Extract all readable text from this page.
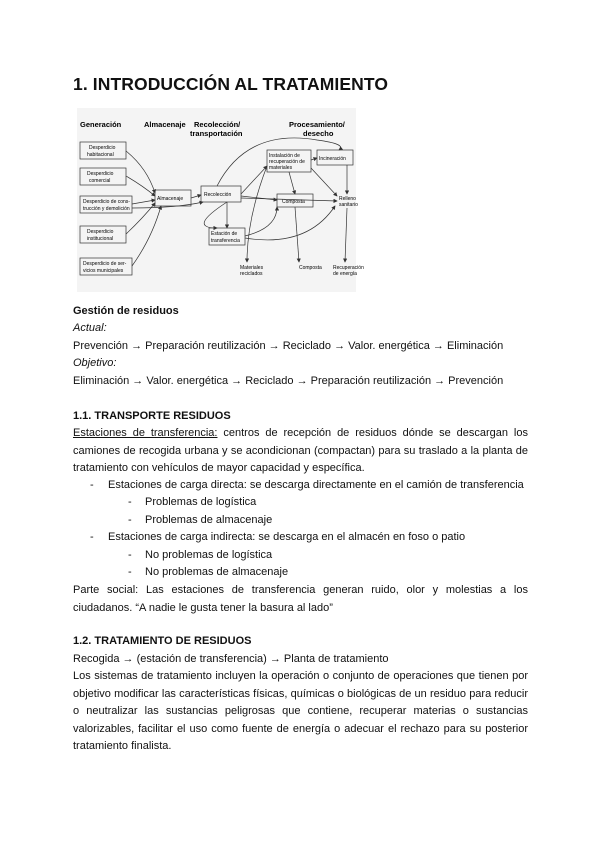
1. INTRODUCCIÓN AL TRATAMIENTO
Generación	Almacenaje Recolección/
transportación
Procesamiento/
desecho
Desperdicio
habitacional
Desperdicio
comercial
Desperdicio de cons-
trucción y demolición
Desperdicio
institucional
Desperdicio de ser-
vicios municipales
Almacenaje
Recolección
Estación de
transferencia
Instalación de
recuperación de
materiales
Composta
Incineración
Relleno
sanitario
Materiales
reciclados
Composta Recuperación
de energía
Gestión de residuos
Actual:
Prevención → Preparación reutilización → Reciclado → Valor. energética → Eliminación
Objetivo:
Eliminación → Valor. energética → Reciclado → Preparación reutilización → Prevención
1.1. TRANSPORTE RESIDUOS
Estaciones de transferencia: centros de recepción de residuos dónde se descargan los camiones de recogida urbana y se acondicionan (compactan) para su traslado a la planta de tratamiento con vehículos de mayor capacidad y específica.
- Estaciones de carga directa: se descarga directamente en el camión de transferencia
- Problemas de logística
- Problemas de almacenaje
- Estaciones de carga indirecta: se descarga en el almacén en foso o patio
- No problemas de logística
- No problemas de almacenaje
Parte social: Las estaciones de transferencia generan ruido, olor y molestias a los ciudadanos. “A nadie le gusta tener la basura al lado”
1.2. TRATAMIENTO DE RESIDUOS
Recogida → (estación de transferencia) → Planta de tratamiento
Los sistemas de tratamiento incluyen la operación o conjunto de operaciones que tienen por objetivo modificar las características físicas, químicas o biológicas de un residuo para reducir o neutralizar las sustancias peligrosas que contiene, recuperar materias o sustancias valorizables, facilitar el uso como fuente de energía o adecuar el rechazo para su posterior tratamiento finalista.
